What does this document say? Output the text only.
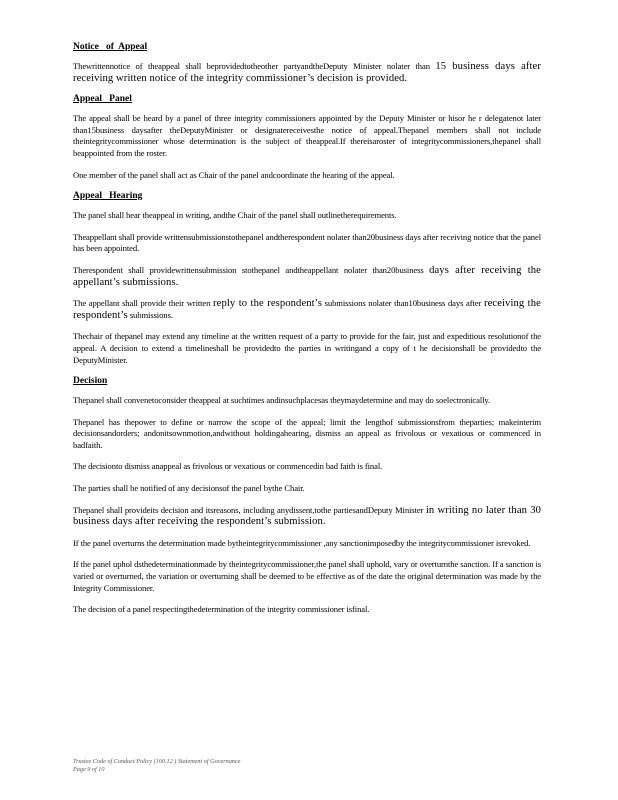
Notice   of  Appeal

Thewrittennotice of theappeal shall beprovidedtotheother partyandtheDeputy Minister nolater than 15 business days after receiving written notice of the integrity commissioner’s decision is provided.

Appeal   Panel

The appeal shall be heard by a panel of three integrity commissioners appointed by the Deputy Minister or hisor he r delegatenot later than15business daysafter theDeputyMinister or designatereceivesthe notice of appeal.Thepanel members shall not include theintegritycommissioner whose determination is the subject of theappeal.If thereisaroster of integritycommissioners,thepanel shall beappointed from the roster.

One member of the panel shall act as Chair of the panel andcoordinate the hearing of the appeal.

Appeal   Hearing

The panel shall hear theappeal in writing, andthe Chair of the panel shall outlinetherequirements.

Theappellant shall provide writtensubmissionstothepanel andtherespondent nolater than20business days after receiving notice that the panel has been appointed.

Therespondent shall providewrittensubmission stothepanel andtheappellant nolater than20business days after receiving the appellant’s submissions.

The appellant shall provide their written reply to the respondent’s submissions nolater than10business days after receiving the respondent’s submissions.

Thechair of thepanel may extend any timeline at the written request of a party to provide for the fair, just and expeditious resolutionof the appeal. A decision to extend a timelineshall be providedto the parties in writingand a copy of t he decisionshall be providedto the DeputyMinister.

Decision

Thepanel shall convenetoconsider theappeal at suchtimes andinsuchplacesas theymaydetermine and may do soelectronically.

Thepanel has thepower to define or narrow the scope of the appeal; limit the lengthof submissionsfrom theparties; makeinterim decisionsandorders; andonitsownmotion,andwithout holdingahearing, dismiss an appeal as frivolous or vexatious or commenced in badfaith.

The decisionto dismiss anappeal as frivolous or vexatious or commencedin bad faith is final.

The parties shall be notified of any decisionsof the panel bythe Chair.

Thepanel shall provideits decision and itsreasons, including anydissent,tothe partiesandDeputy Minister in writing no later than 30 business days after receiving the respondent’s submission.

If the panel overturns the determination made bytheintegritycommissioner ,any sanctionimposedby the integritycommissioner isrevoked.

If the panel uphol dsthedeterminationmade by theintegritycommissioner,the panel shall uphold, vary or overturnthe sanction. If a sanction is varied or overturned, the variation or overturning shall be deemed to be effective as of the date the original determination was made by the Integrity Commissioner.

The decision of a panel respectingthedetermination of the integrity commissioner isfinal.

Trustee Code of Conduct Policy (100.12 ) Statement of Governance
Page 9 of 10
